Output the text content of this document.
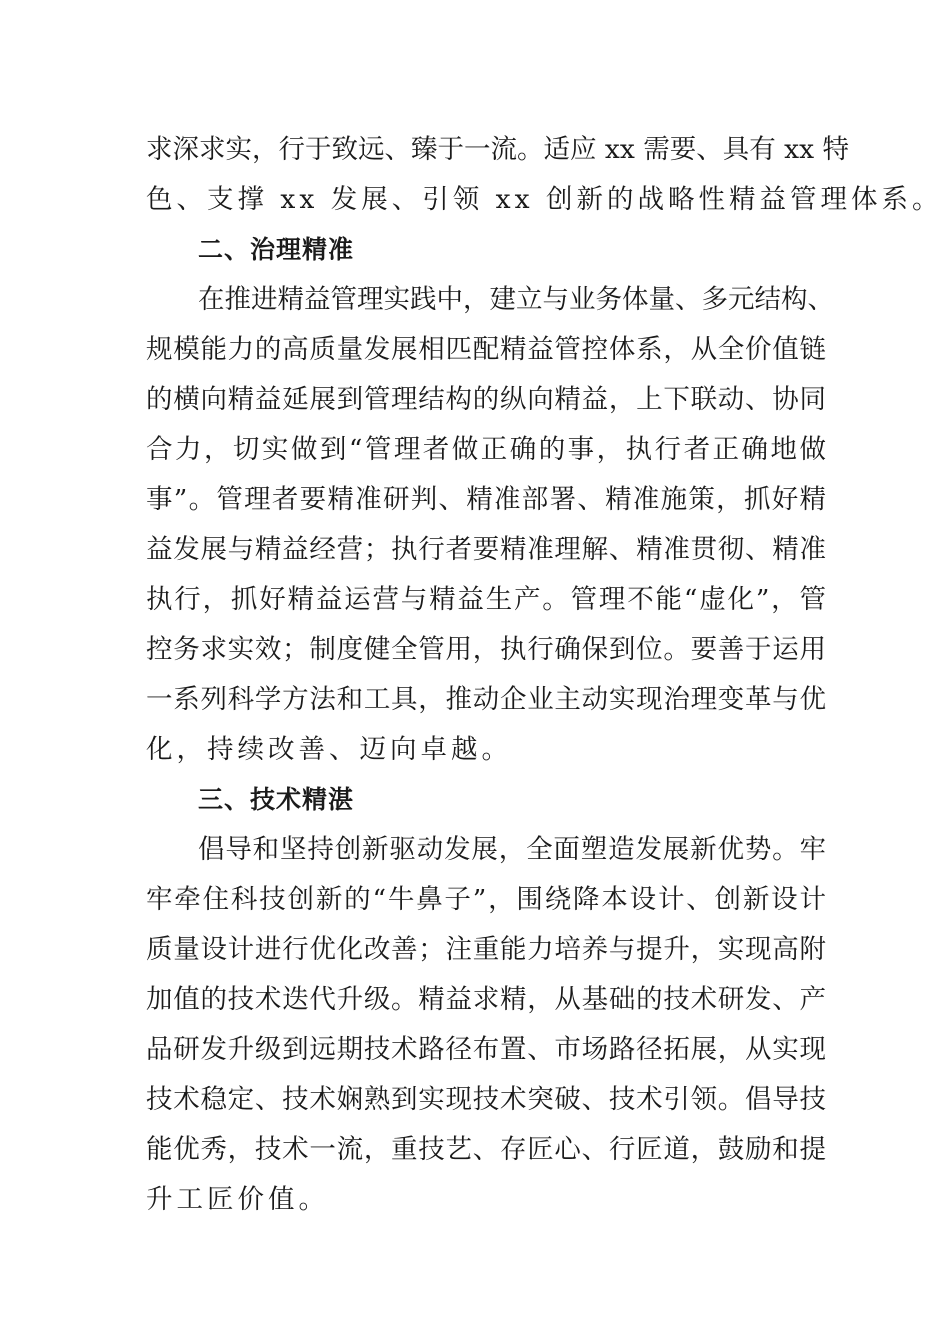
求深求实，行于致远、臻于一流。适应 xx 需要、具有 xx 特
色、支撑 xx 发展、引领 xx 创新的战略性精益管理体系。
二、治理精准
在推进精益管理实践中，建立与业务体量、多元结构、
规模能力的高质量发展相匹配精益管控体系，从全价值链
的横向精益延展到管理结构的纵向精益，上下联动、协同
合力，切实做到“管理者做正确的事，执行者正确地做
事”。管理者要精准研判、精准部署、精准施策，抓好精
益发展与精益经营；执行者要精准理解、精准贯彻、精准
执行，抓好精益运营与精益生产。管理不能“虚化”，管
控务求实效；制度健全管用，执行确保到位。要善于运用
一系列科学方法和工具，推动企业主动实现治理变革与优
化，持续改善、迈向卓越。
三、技术精湛
倡导和坚持创新驱动发展，全面塑造发展新优势。牢
牢牵住科技创新的“牛鼻子”，围绕降本设计、创新设计
质量设计进行优化改善；注重能力培养与提升，实现高附
加值的技术迭代升级。精益求精，从基础的技术研发、产
品研发升级到远期技术路径布置、市场路径拓展，从实现
技术稳定、技术娴熟到实现技术突破、技术引领。倡导技
能优秀，技术一流，重技艺、存匠心、行匠道，鼓励和提
升工匠价值。
